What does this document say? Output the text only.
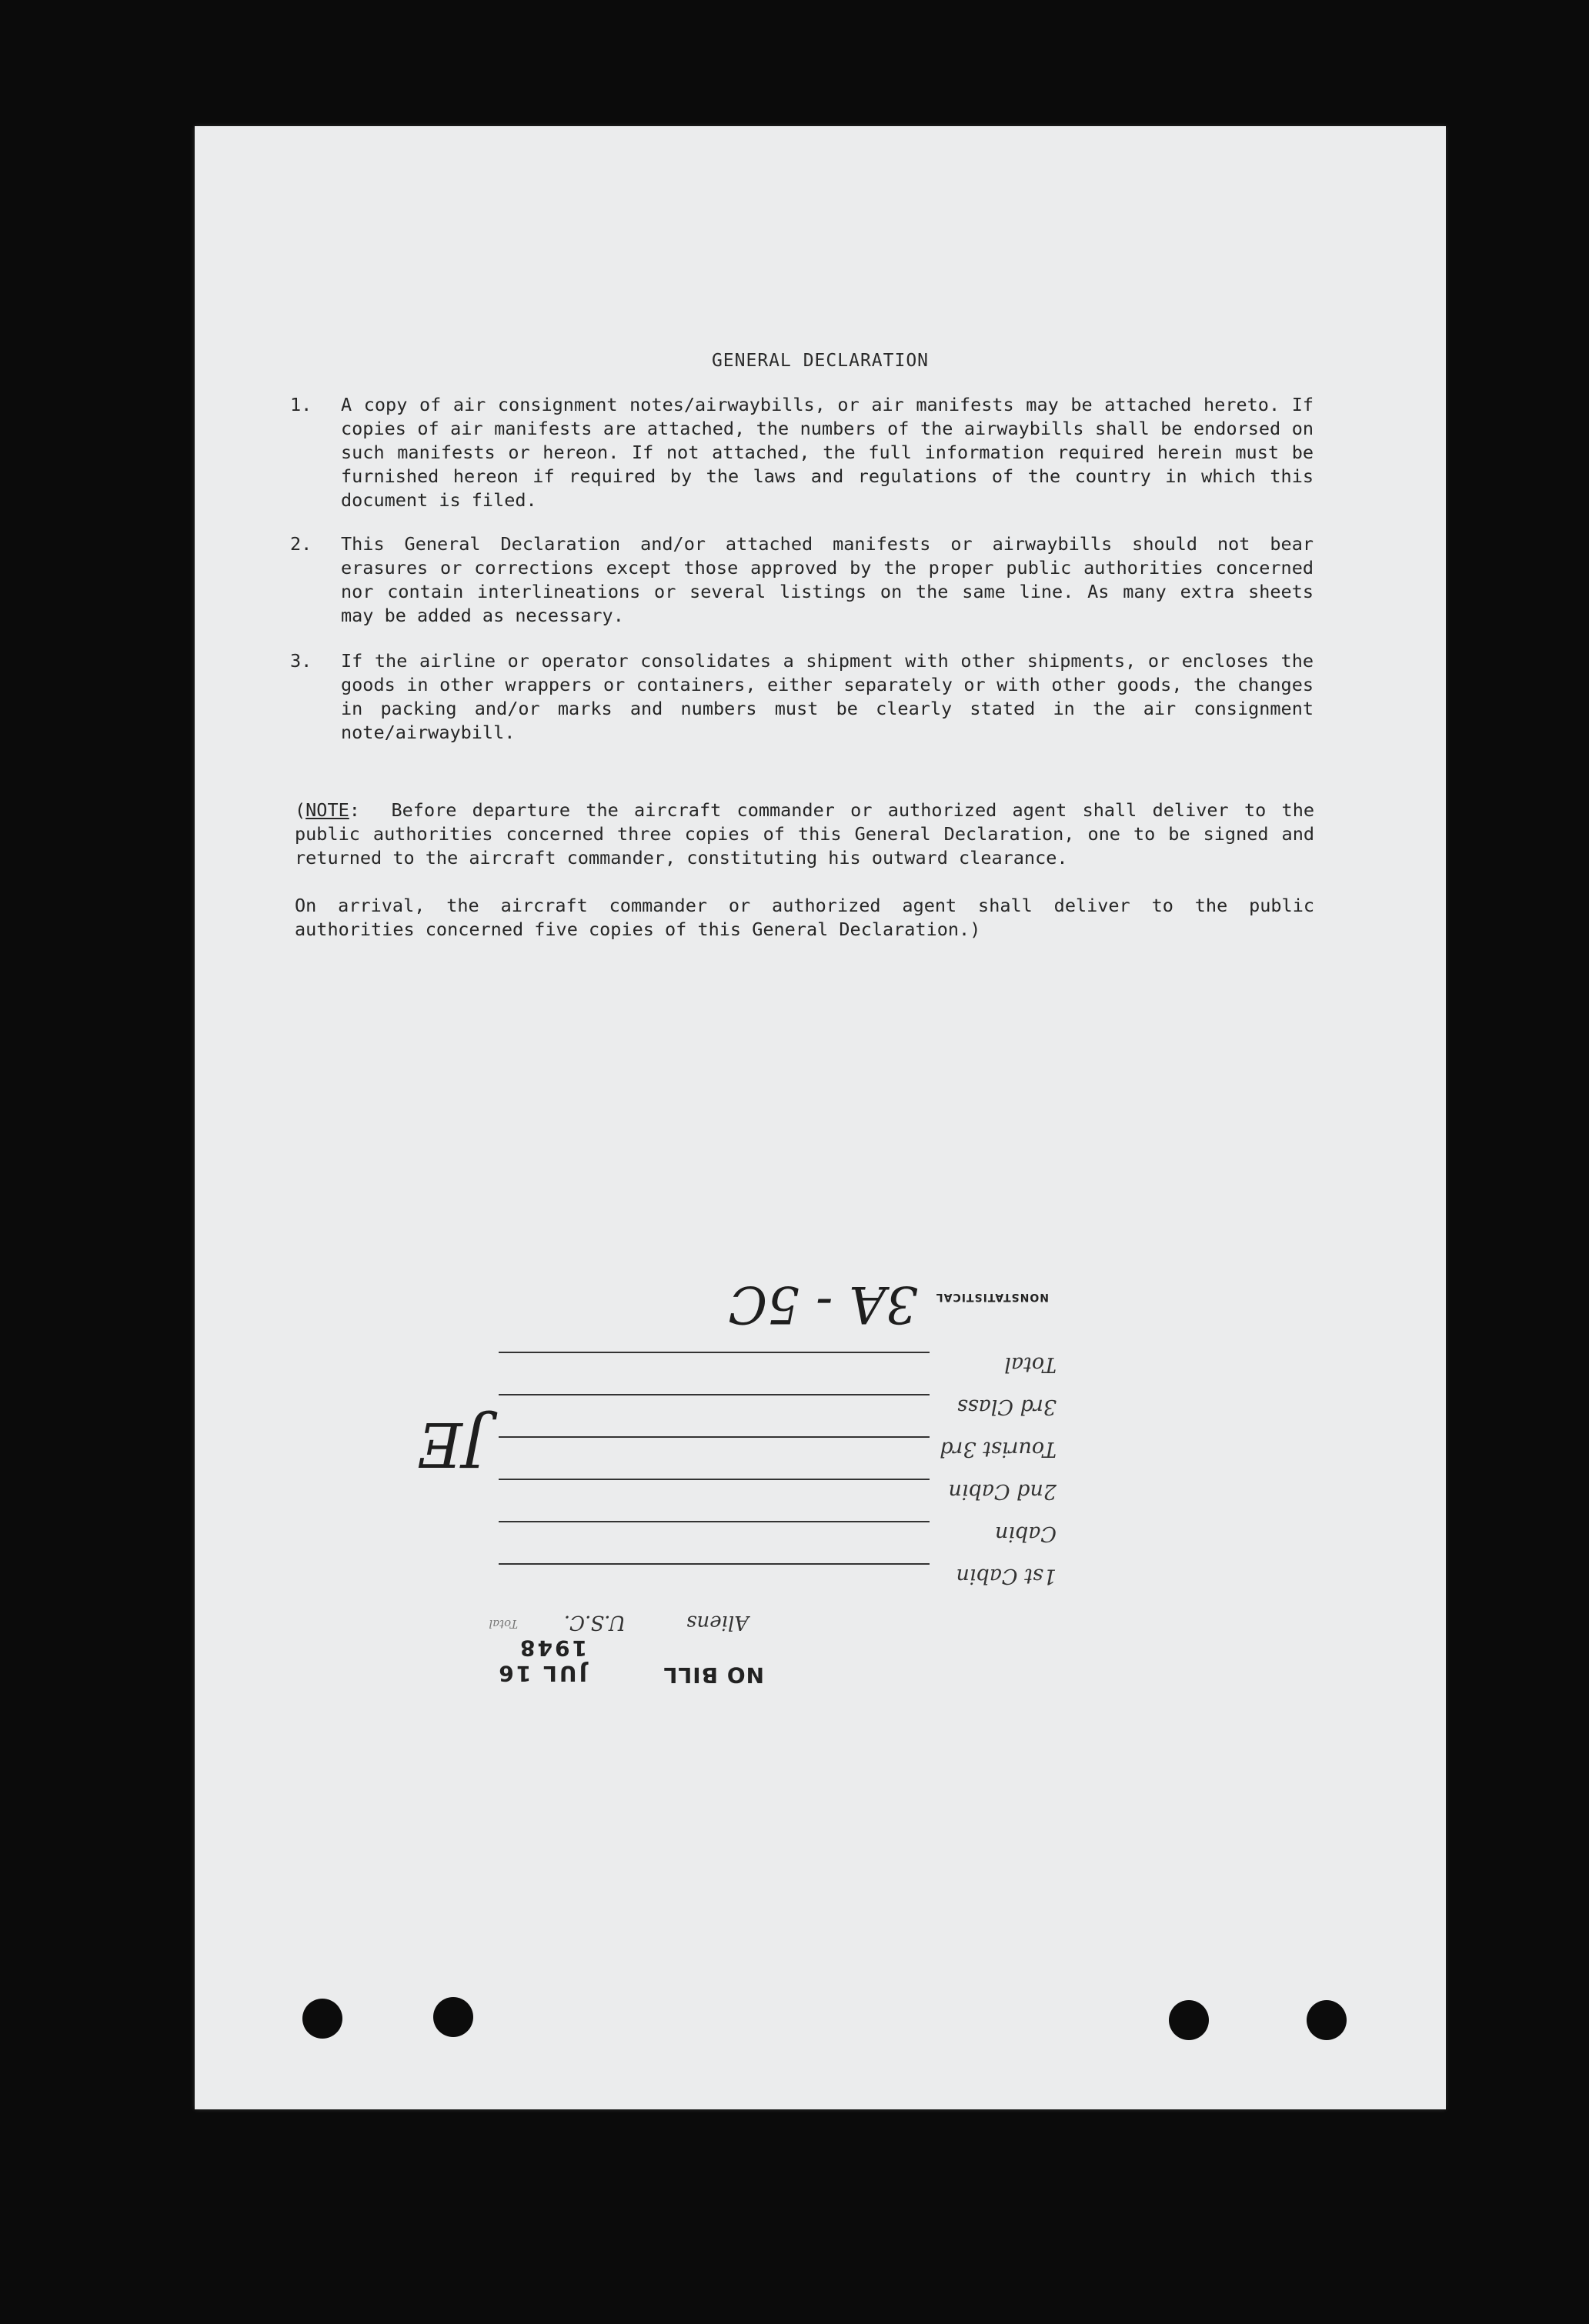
GENERAL DECLARATION
1.	A copy of air consignment notes/airwaybills, or air manifests may be attached hereto. If copies of air manifests are attached, the numbers of the airwaybills shall be endorsed on such manifests or hereon. If not attached, the full information required herein must be furnished hereon if required by the laws and regulations of the country in which this document is filed.
2.	This General Declaration and/or attached manifests or airwaybills should not bear erasures or corrections except those approved by the proper public authorities concerned nor contain interlineations or several listings on the same line. As many extra sheets may be added as necessary.
3.	If the airline or operator consolidates a shipment with other shipments, or encloses the goods in other wrappers or containers, either separately or with other goods, the changes in packing and/or marks and numbers must be clearly stated in the air consignment note/airwaybill.
(NOTE:  Before departure the aircraft commander or authorized agent shall deliver to the public authorities concerned three copies of this General Declaration, one to be signed and returned to the aircraft commander, constituting his outward clearance.
On arrival, the aircraft commander or authorized agent shall deliver to the public authorities concerned five copies of this General Declaration.)
NO BILL
JUL 16 1948
Aliens
U.S.C.
Total
1st Cabin
Cabin
2nd Cabin
Tourist 3rd
3rd Class
Total
NONSTATISTICAL
3A - 5C
JE
